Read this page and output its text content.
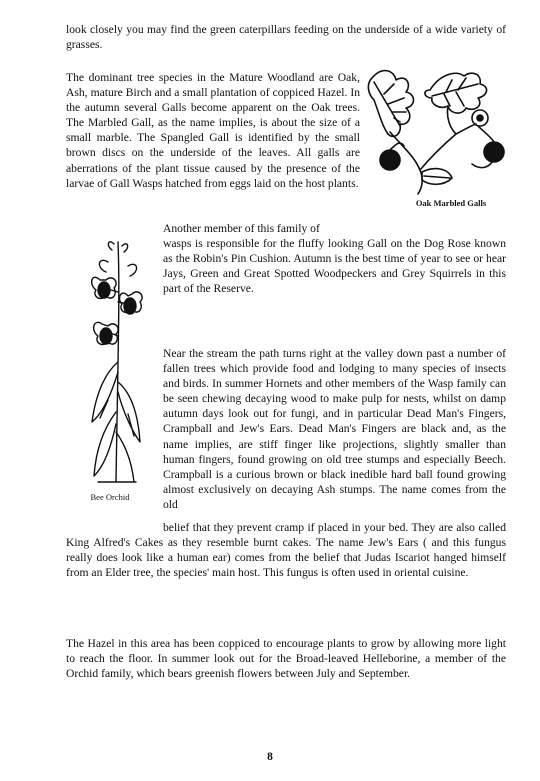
look closely you may find the green caterpillars feeding on the underside of a wide variety of grasses.

The dominant tree species in the Mature Woodland are Oak, Ash, mature Birch and a small plantation of coppiced Hazel. In the autumn several Galls become apparent on the Oak trees. The Marbled Gall, as the name implies, is about the size of a small marble. The Spangled Gall is identified by the small brown discs on the underside of the leaves. All galls are aberrations of the plant tissue caused by the presence of the larvae of Gall Wasps hatched from eggs laid on the host plants.

Another member of this family of

wasps is responsible for the fluffy looking Gall on the Dog Rose known as the Robin's Pin Cushion. Autumn is the best time of year to see or hear Jays, Green and Great Spotted Woodpeckers and Grey Squirrels in this part of the Reserve.

Near the stream the path turns right at the valley down past a number of fallen trees which provide food and lodging to many species of insects and birds. In summer Hornets and other members of the Wasp family can be seen chewing decaying wood to make pulp for nests, whilst on damp autumn days look out for fungi, and in particular Dead Man's Fingers, Crampball and Jew's Ears. Dead Man's Fingers are black and, as the name implies, are stiff finger like projections, slightly smaller than human fingers, found growing on old tree stumps and especially Beech. Crampball is a curious brown or black inedible hard ball found growing almost exclusively on decaying Ash stumps. The name comes from the old

belief that they prevent cramp if placed in your bed. They are also called King Alfred's Cakes as they resemble burnt cakes. The name Jew's Ears ( and this fungus really does look like a human ear) comes from the belief that Judas Iscariot hanged himself from an Elder tree, the species' main host. This fungus is often used in oriental cuisine.

The Hazel in this area has been coppiced to encourage plants to grow by allowing more light to reach the floor. In summer look out for the Broad-leaved Helleborine, a member of the Orchid family, which bears greenish flowers between July and September.

Oak Marbled Galls
Bee Orchid
8
